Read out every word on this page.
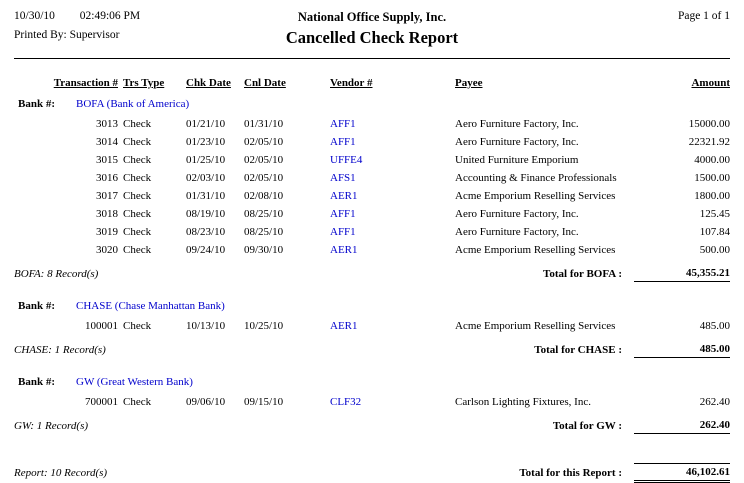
10/30/10 02:49:06 PM
Printed By: Supervisor
National Office Supply, Inc.
Cancelled Check Report
Page 1 of 1
Transaction # Trs Type	Chk Date	Cnl Date	Vendor #	Payee	Amount
Bank #:	BOFA (Bank of America)
3013 Check	01/21/10	01/31/10	AFF1	Aero Furniture Factory, Inc.	15000.00
3014 Check	01/23/10	02/05/10	AFF1	Aero Furniture Factory, Inc.	22321.92
3015 Check	01/25/10	02/05/10	UFFE4	United Furniture Emporium	4000.00
3016 Check	02/03/10	02/05/10	AFS1	Accounting & Finance Professionals	1500.00
3017 Check	01/31/10	02/08/10	AER1	Acme Emporium Reselling Services	1800.00
3018 Check	08/19/10	08/25/10	AFF1	Aero Furniture Factory, Inc.	125.45
3019 Check	08/23/10	08/25/10	AFF1	Aero Furniture Factory, Inc.	107.84
3020 Check	09/24/10	09/30/10	AER1	Acme Emporium Reselling Services	500.00
BOFA: 8 Record(s)	Total for BOFA :	45,355.21
Bank #:	CHASE (Chase Manhattan Bank)
100001 Check	10/13/10	10/25/10	AER1	Acme Emporium Reselling Services	485.00
CHASE: 1 Record(s)	Total for CHASE :	485.00
Bank #:	GW (Great Western Bank)
700001 Check	09/06/10	09/15/10	CLF32	Carlson Lighting Fixtures, Inc.	262.40
GW: 1 Record(s)	Total for GW :	262.40
Report: 10 Record(s)	Total for this Report :	46,102.61
